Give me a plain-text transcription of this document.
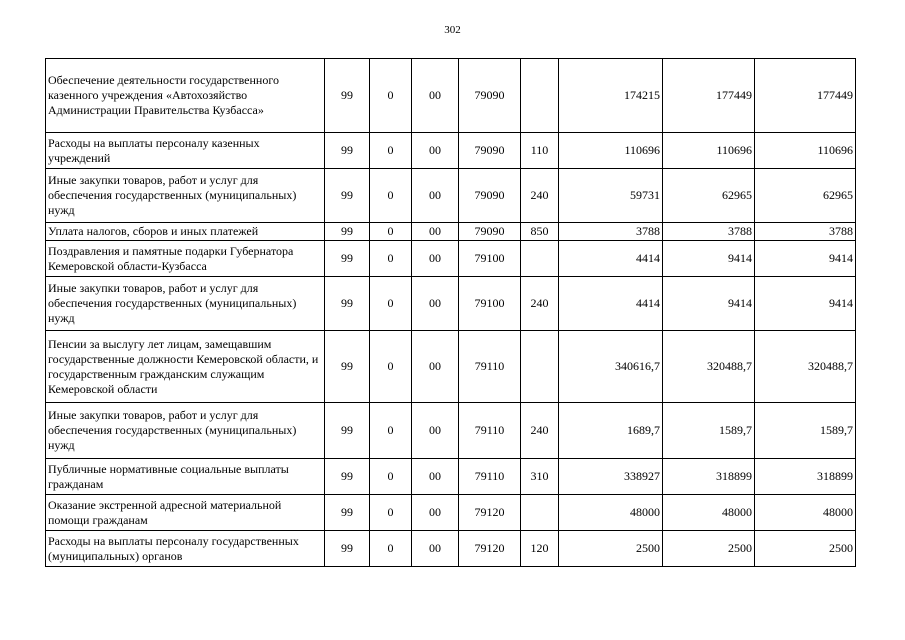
302
Обеспечение деятельности государственного казенного учреждения «Автохозяйство Администрации Правительства Кузбасса»	99	0	00	79090		174215	177449	177449
Расходы на выплаты персоналу казенных учреждений	99	0	00	79090	110	110696	110696	110696
Иные закупки товаров, работ и услуг для обеспечения государственных (муниципальных) нужд	99	0	00	79090	240	59731	62965	62965
Уплата налогов, сборов и иных платежей	99	0	00	79090	850	3788	3788	3788
Поздравления и памятные подарки Губернатора Кемеровской области-Кузбасса	99	0	00	79100		4414	9414	9414
Иные закупки товаров, работ и услуг для обеспечения государственных (муниципальных) нужд	99	0	00	79100	240	4414	9414	9414
Пенсии за выслугу лет лицам, замещавшим государственные должности Кемеровской области, и государственным гражданским служащим Кемеровской области	99	0	00	79110		340616,7	320488,7	320488,7
Иные закупки товаров, работ и услуг для обеспечения государственных (муниципальных) нужд	99	0	00	79110	240	1689,7	1589,7	1589,7
Публичные нормативные социальные выплаты гражданам	99	0	00	79110	310	338927	318899	318899
Оказание экстренной адресной материальной помощи гражданам	99	0	00	79120		48000	48000	48000
Расходы на выплаты персоналу государственных (муниципальных) органов	99	0	00	79120	120	2500	2500	2500
